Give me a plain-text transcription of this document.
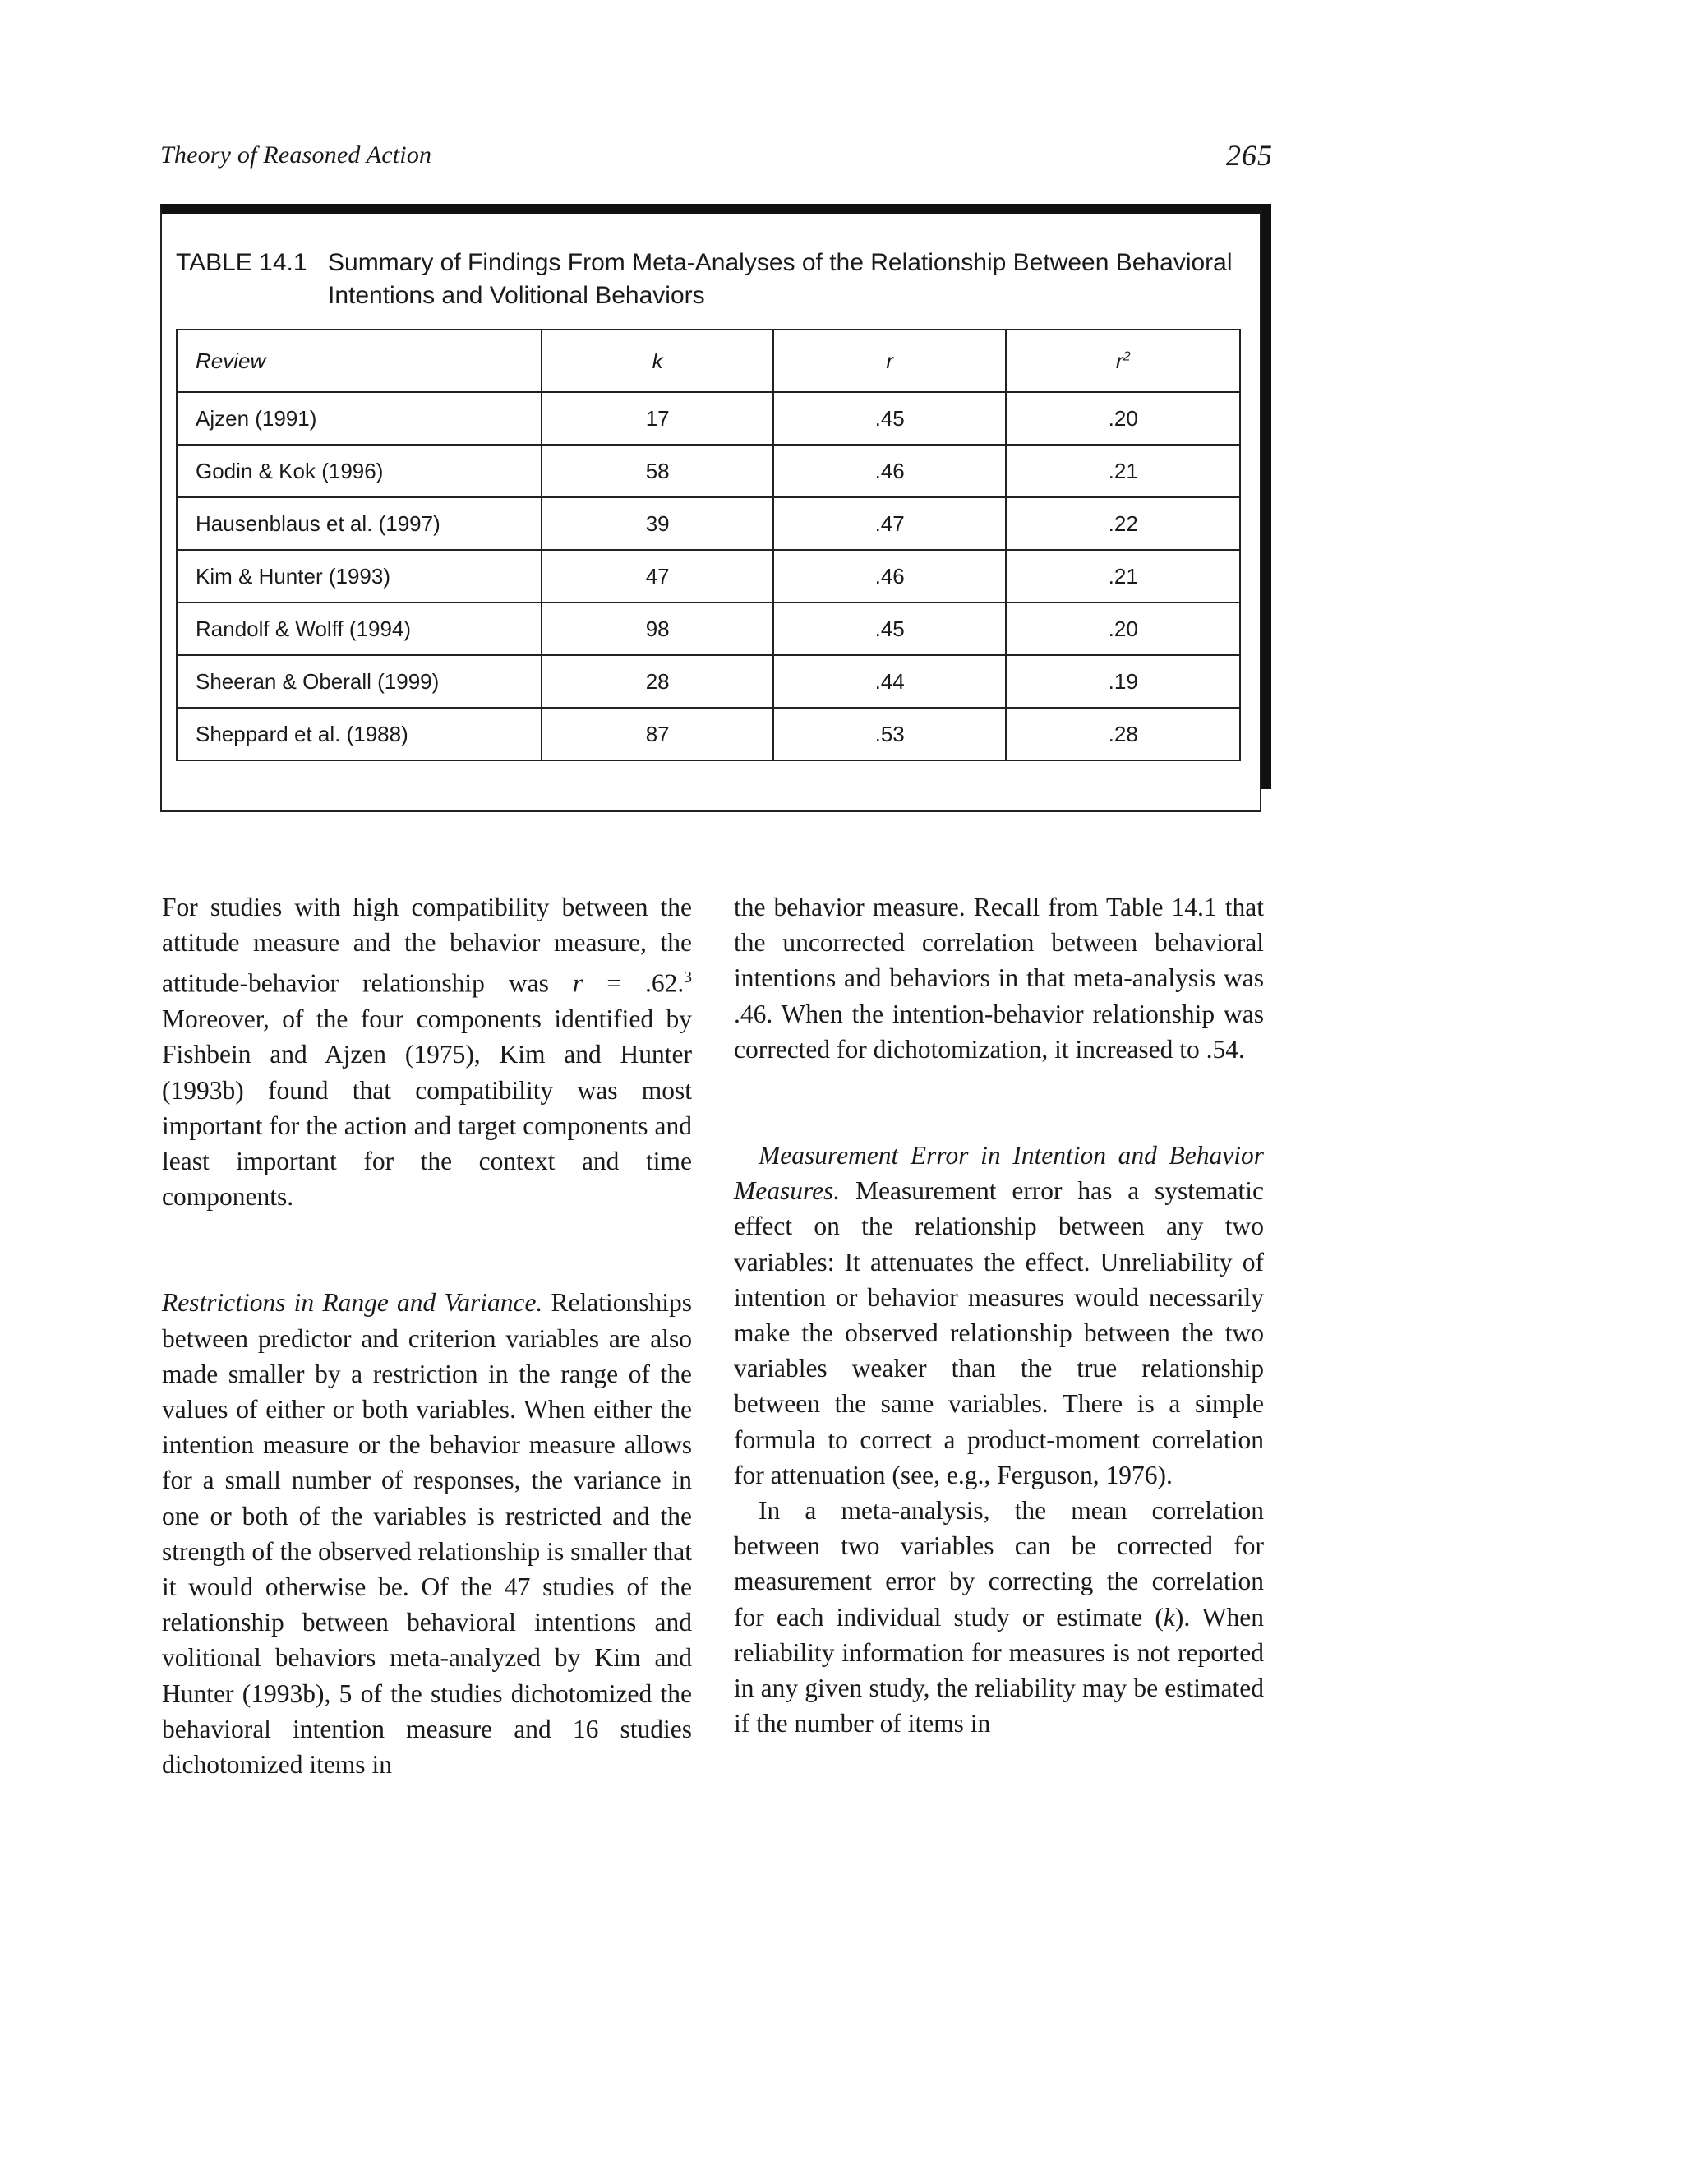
Theory of Reasoned Action	265
TABLE 14.1 Summary of Findings From Meta-Analyses of the Relationship Between Behavioral
Intentions and Volitional Behaviors
Review	k	r	$r^2$
Ajzen (1991)	17	.45	.20
Godin & Kok (1996)	58	.46	.21
Hausenblaus et al. (1997)	39	.47	.22
Kim & Hunter (1993)	47	.46	.21
Randolf & Wolff (1994)	98	.45	.20
Sheeran & Oberall (1999)	28	.44	.19
Sheppard et al. (1988)	87	.53	.28

For studies with high compatibility between the attitude measure and the behavior measure, the attitude-behavior relationship was r = .62.$^3$ Moreover, of the four components identified by Fishbein and Ajzen (1975), Kim and Hunter (1993b) found that compatibility was most important for the action and target components and least important for the context and time components.

Restrictions in Range and Variance. Relationships between predictor and criterion variables are also made smaller by a restriction in the range of the values of either or both variables. When either the intention measure or the behavior measure allows for a small number of responses, the variance in one or both of the variables is restricted and the strength of the observed relationship is smaller that it would otherwise be. Of the 47 studies of the relationship between behavioral intentions and volitional behaviors meta-analyzed by Kim and Hunter (1993b), 5 of the studies dichotomized the behavioral intention measure and 16 studies dichotomized items in

the behavior measure. Recall from Table 14.1 that the uncorrected correlation between behavioral intentions and behaviors in that meta-analysis was .46. When the intention-behavior relationship was corrected for dichotomization, it increased to .54.

Measurement Error in Intention and Behavior Measures. Measurement error has a systematic effect on the relationship between any two variables: It attenuates the effect. Unreliability of intention or behavior measures would necessarily make the observed relationship between the two variables weaker than the true relationship between the same variables. There is a simple formula to correct a product-moment correlation for attenuation (see, e.g., Ferguson, 1976).

In a meta-analysis, the mean correlation between two variables can be corrected for measurement error by correcting the correlation for each individual study or estimate (k). When reliability information for measures is not reported in any given study, the reliability may be estimated if the number of items in
